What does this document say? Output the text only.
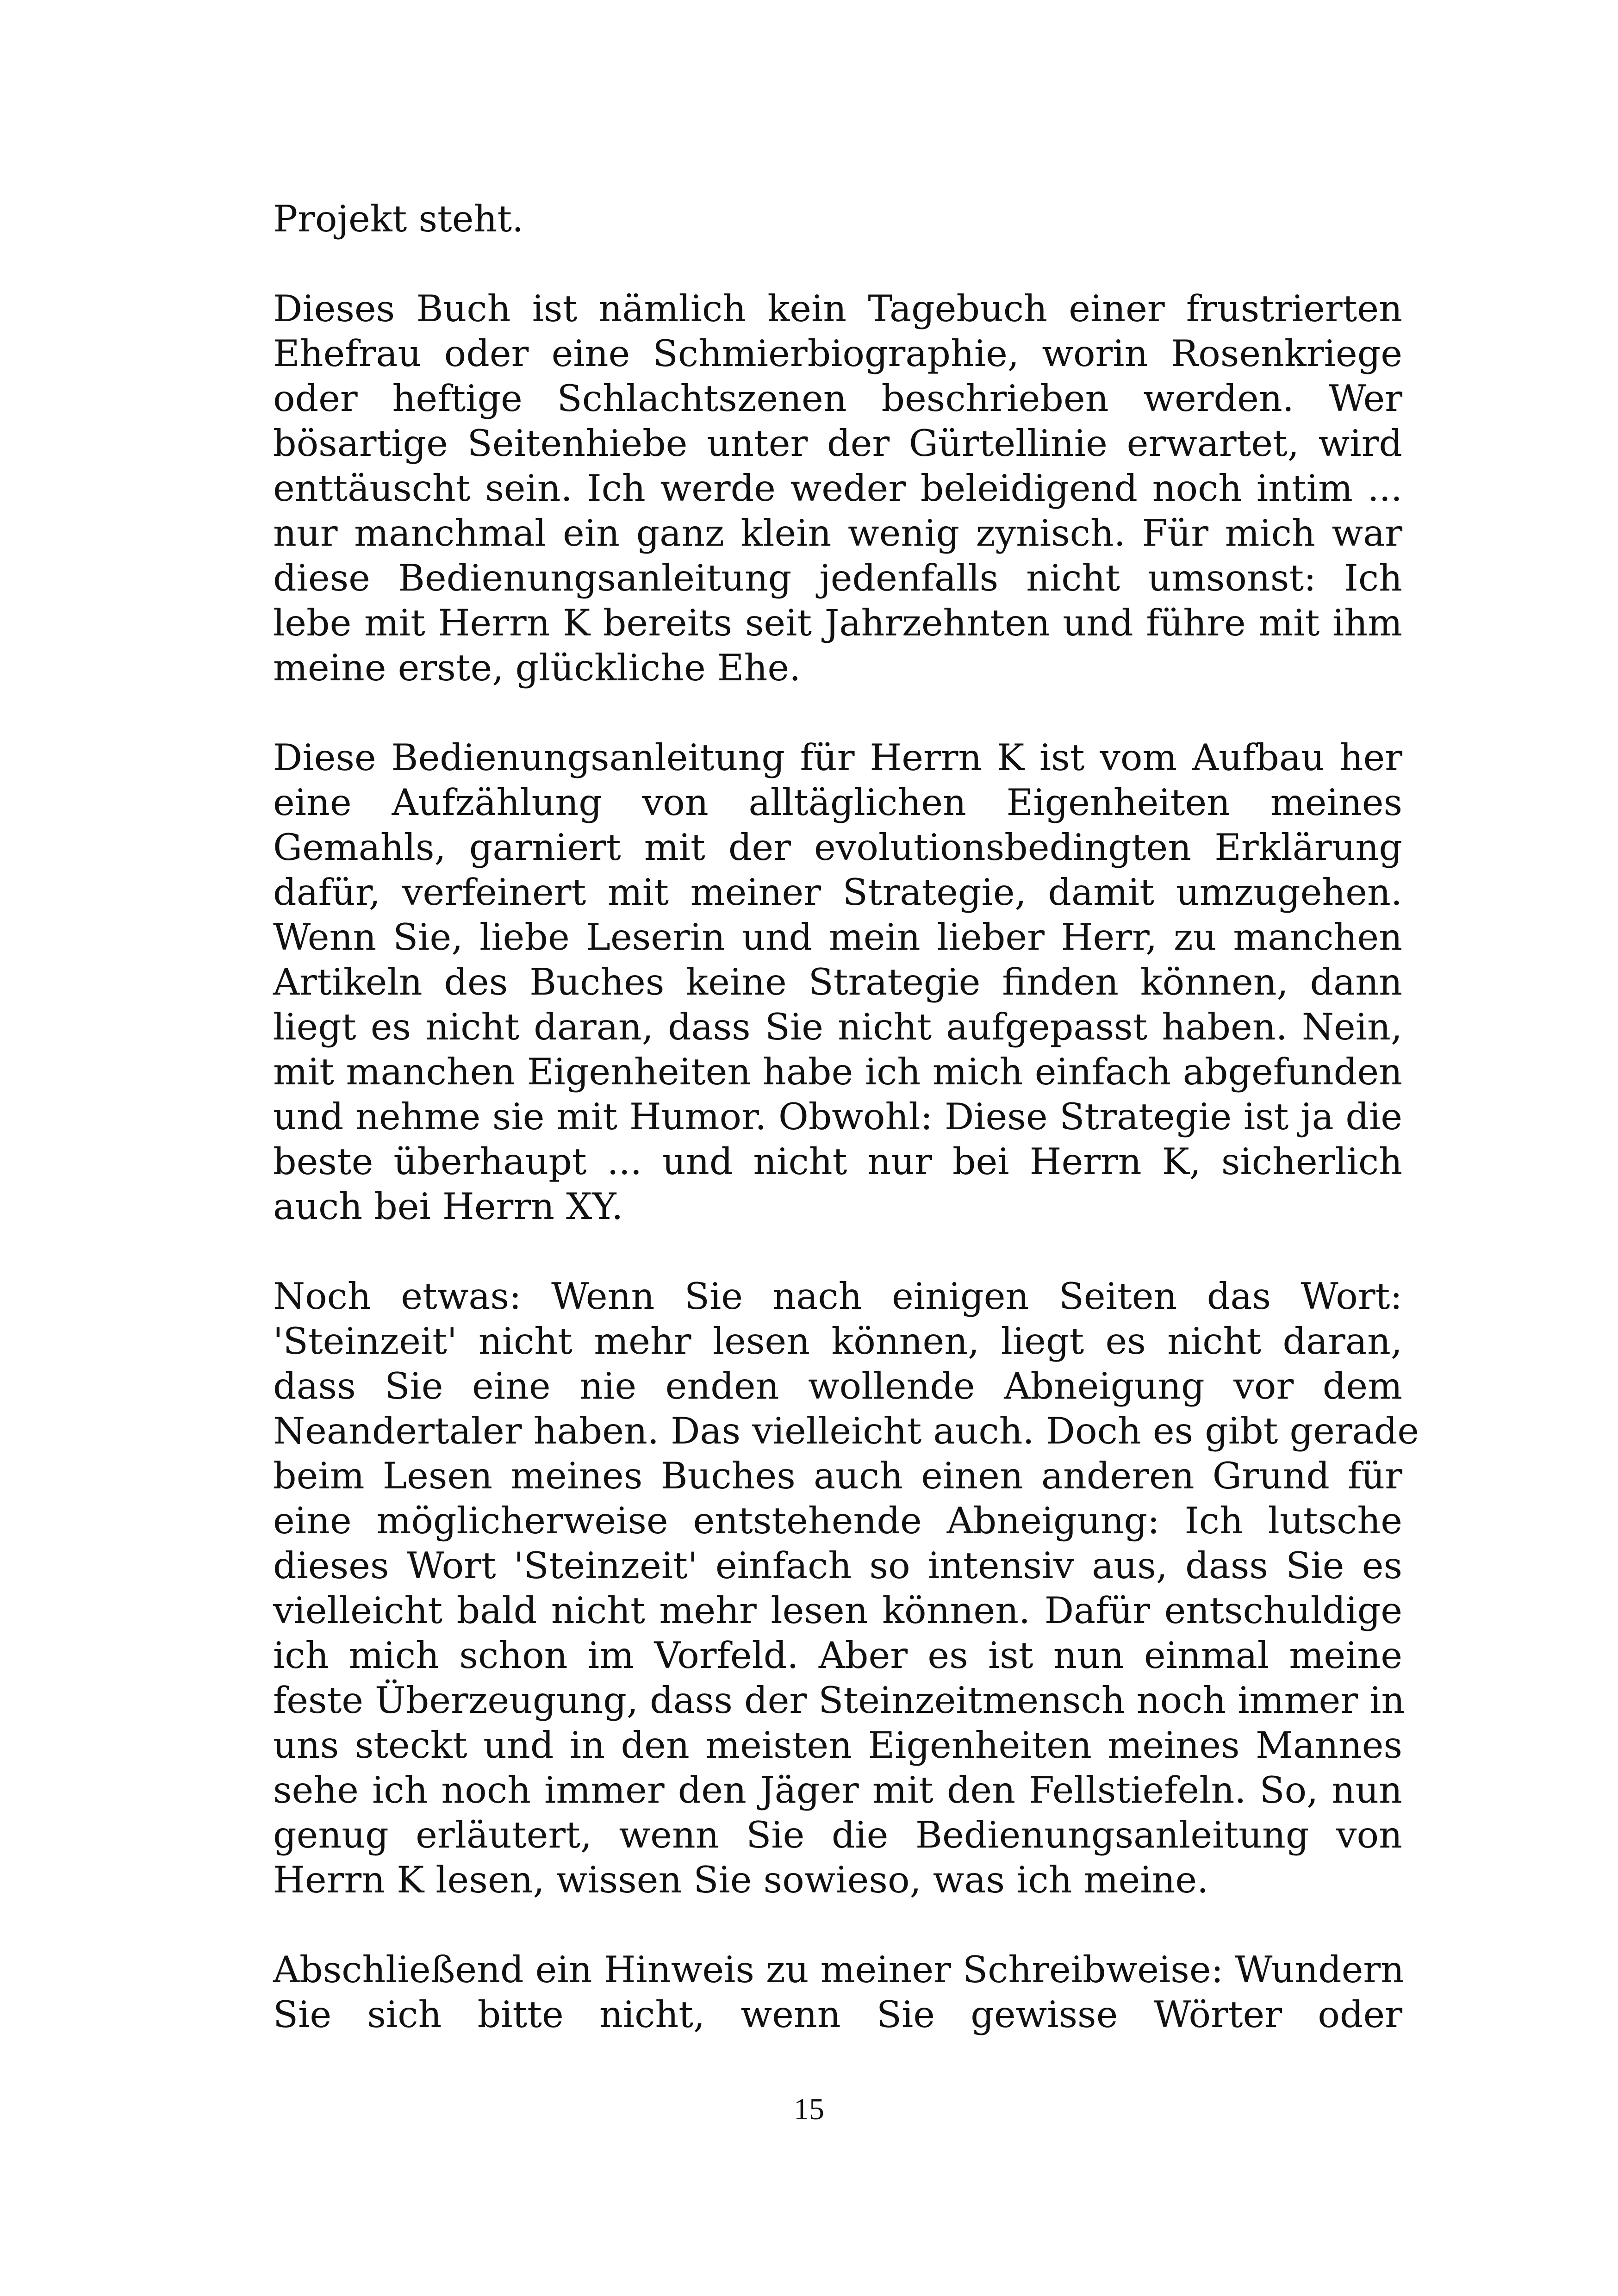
Projekt steht.
Dieses Buch ist nämlich kein Tagebuch einer frustrierten
Ehefrau oder eine Schmierbiographie, worin Rosenkriege
oder heftige Schlachtszenen beschrieben werden. Wer
bösartige Seitenhiebe unter der Gürtellinie erwartet, wird
enttäuscht sein. Ich werde weder beleidigend noch intim ...
nur manchmal ein ganz klein wenig zynisch. Für mich war
diese Bedienungsanleitung jedenfalls nicht umsonst: Ich
lebe mit Herrn K bereits seit Jahrzehnten und führe mit ihm
meine erste, glückliche Ehe.
Diese Bedienungsanleitung für Herrn K ist vom Aufbau her
eine Aufzählung von alltäglichen Eigenheiten meines
Gemahls, garniert mit der evolutionsbedingten Erklärung
dafür, verfeinert mit meiner Strategie, damit umzugehen.
Wenn Sie, liebe Leserin und mein lieber Herr, zu manchen
Artikeln des Buches keine Strategie finden können, dann
liegt es nicht daran, dass Sie nicht aufgepasst haben. Nein,
mit manchen Eigenheiten habe ich mich einfach abgefunden
und nehme sie mit Humor. Obwohl: Diese Strategie ist ja die
beste überhaupt ... und nicht nur bei Herrn K, sicherlich
auch bei Herrn XY.
Noch etwas: Wenn Sie nach einigen Seiten das Wort:
'Steinzeit' nicht mehr lesen können, liegt es nicht daran,
dass Sie eine nie enden wollende Abneigung vor dem
Neandertaler haben. Das vielleicht auch. Doch es gibt gerade
beim Lesen meines Buches auch einen anderen Grund für
eine möglicherweise entstehende Abneigung: Ich lutsche
dieses Wort 'Steinzeit' einfach so intensiv aus, dass Sie es
vielleicht bald nicht mehr lesen können. Dafür entschuldige
ich mich schon im Vorfeld. Aber es ist nun einmal meine
feste Überzeugung, dass der Steinzeitmensch noch immer in
uns steckt und in den meisten Eigenheiten meines Mannes
sehe ich noch immer den Jäger mit den Fellstiefeln. So, nun
genug erläutert, wenn Sie die Bedienungsanleitung von
Herrn K lesen, wissen Sie sowieso, was ich meine.
Abschließend ein Hinweis zu meiner Schreibweise: Wundern
Sie sich bitte nicht, wenn Sie gewisse Wörter oder
15
